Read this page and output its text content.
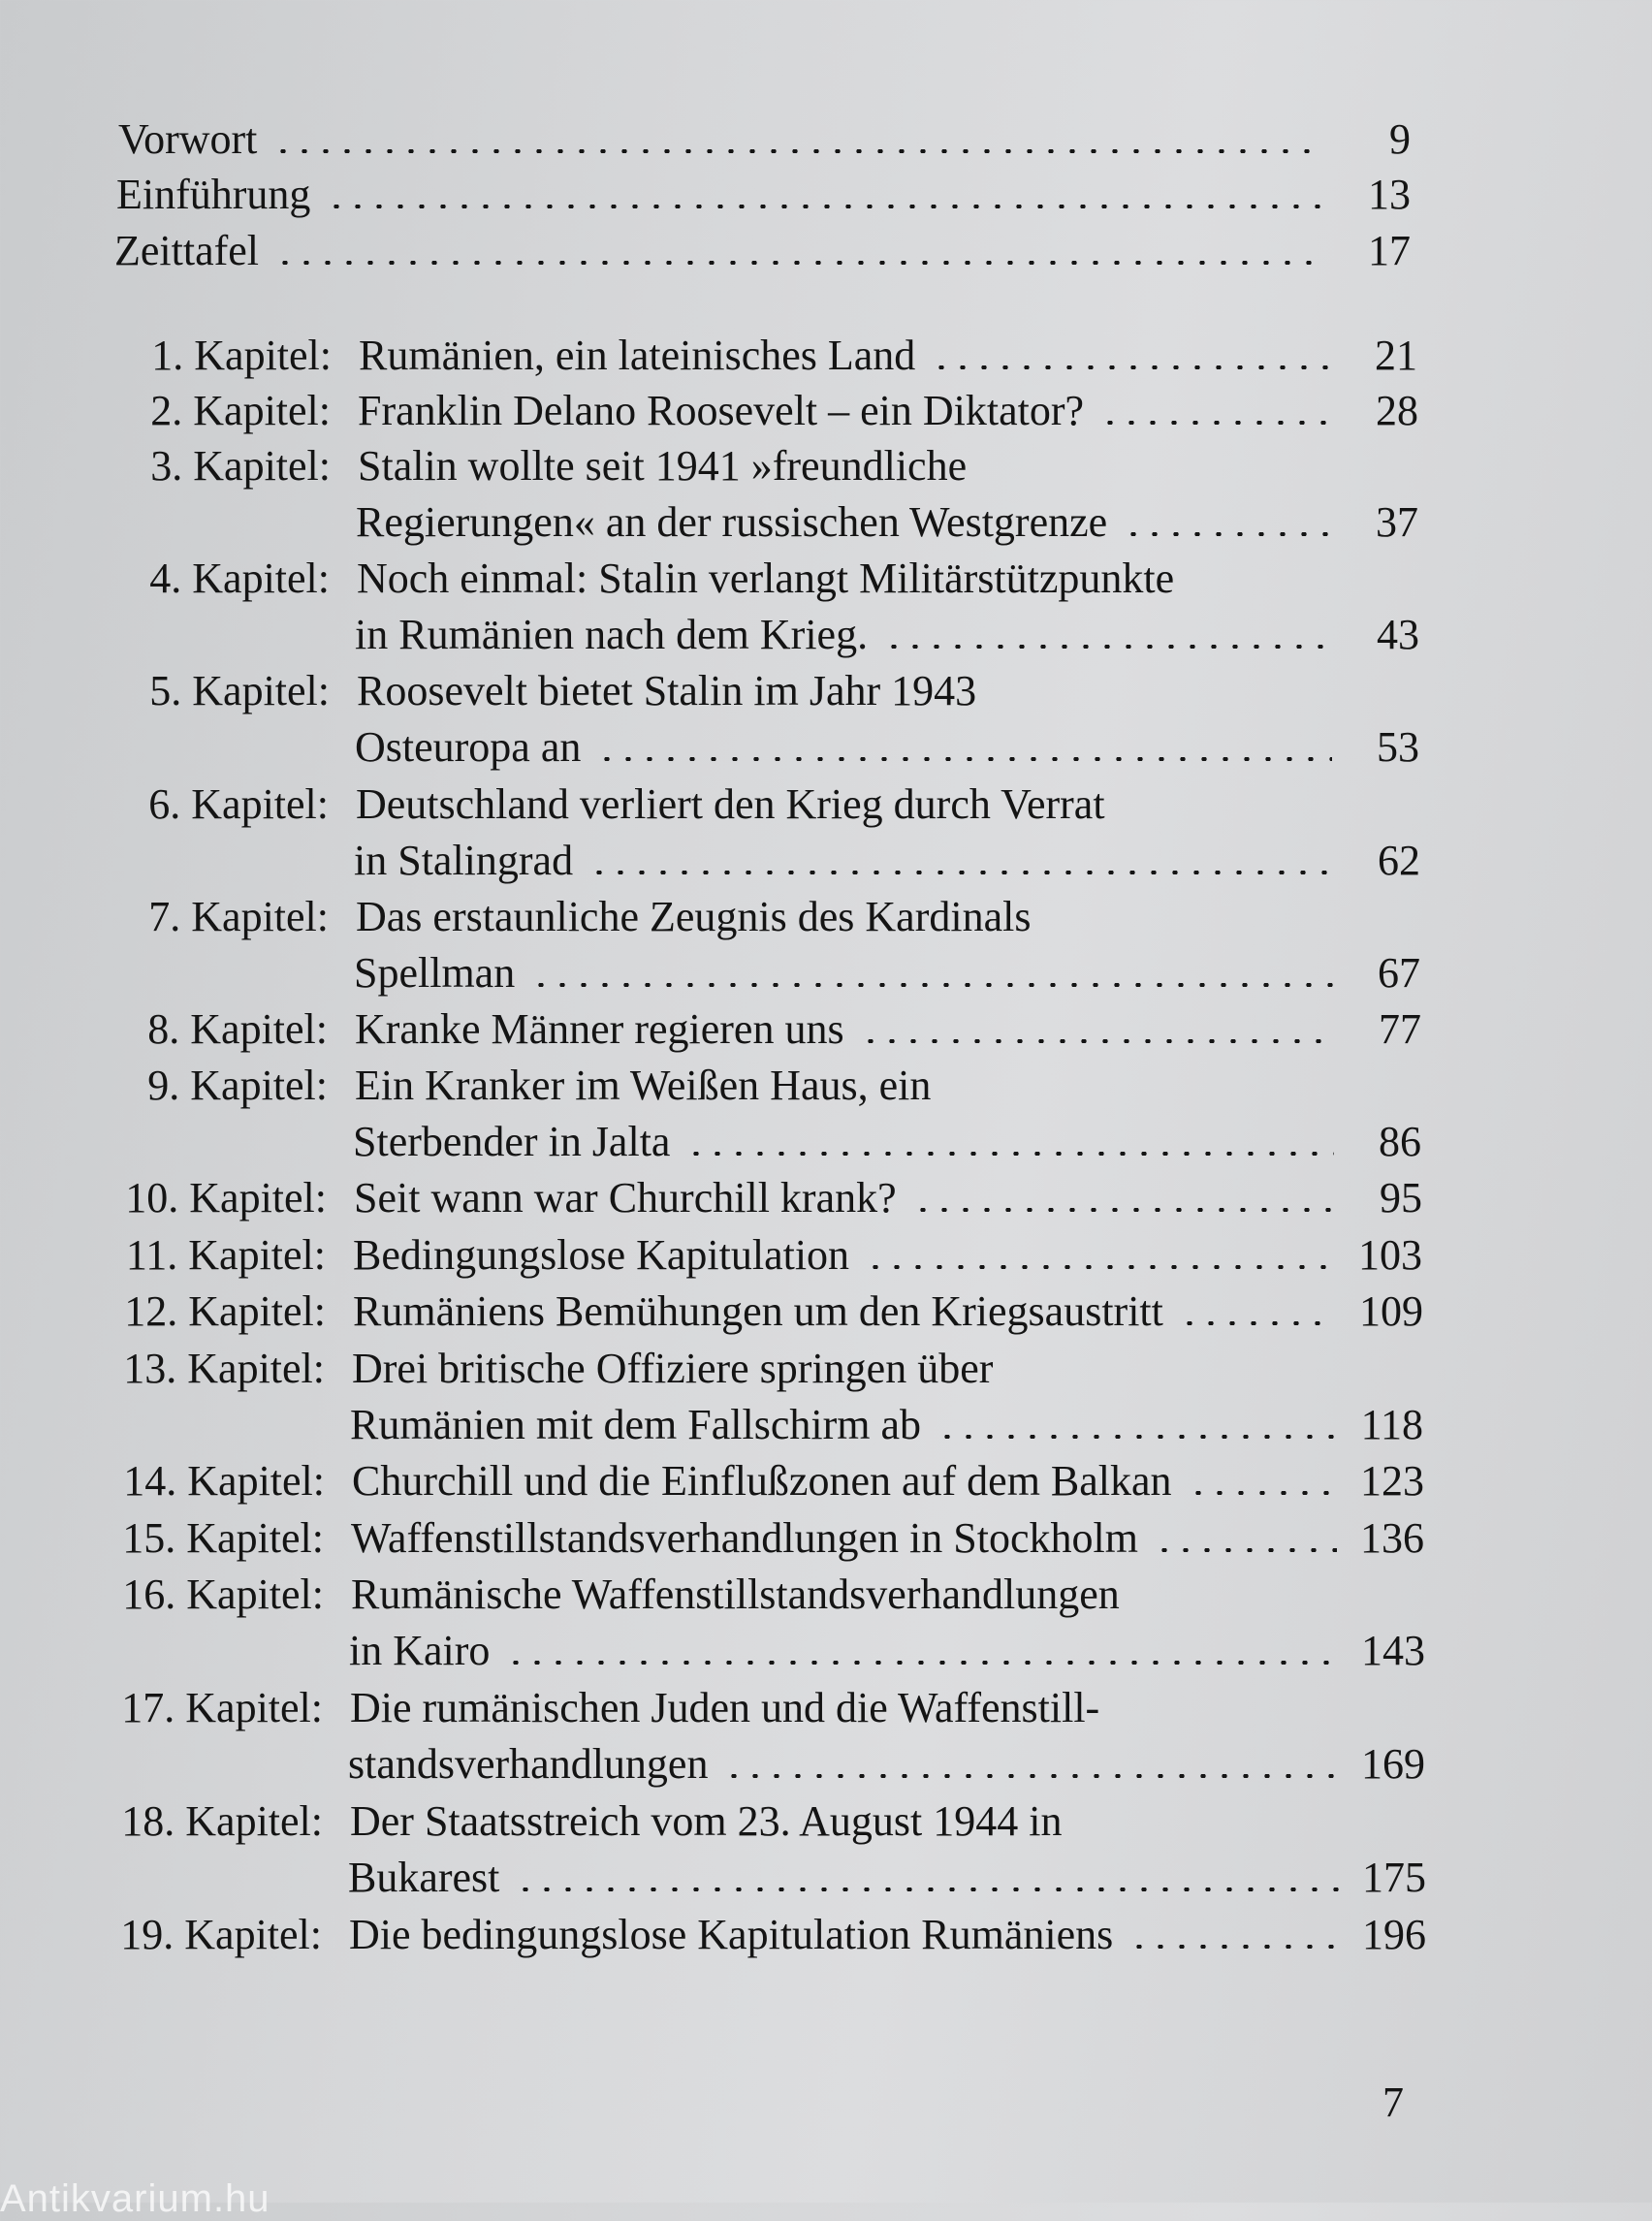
Vorwort	9
Einführung	13
Zeittafel	17
1. Kapitel: Rumänien, ein lateinisches Land	21
2. Kapitel: Franklin Delano Roosevelt – ein Diktator?	28
3. Kapitel: Stalin wollte seit 1941 »freundliche
Regierungen« an der russischen Westgrenze	37
4. Kapitel: Noch einmal: Stalin verlangt Militärstützpunkte
in Rumänien nach dem Krieg.	43
5. Kapitel: Roosevelt bietet Stalin im Jahr 1943
Osteuropa an	53
6. Kapitel: Deutschland verliert den Krieg durch Verrat
in Stalingrad	62
7. Kapitel: Das erstaunliche Zeugnis des Kardinals
Spellman	67
8. Kapitel: Kranke Männer regieren uns	77
9. Kapitel: Ein Kranker im Weißen Haus, ein
Sterbender in Jalta	86
10. Kapitel: Seit wann war Churchill krank?	95
11. Kapitel: Bedingungslose Kapitulation	103
12. Kapitel: Rumäniens Bemühungen um den Kriegsaustritt	109
13. Kapitel: Drei britische Offiziere springen über
Rumänien mit dem Fallschirm ab	118
14. Kapitel: Churchill und die Einflußzonen auf dem Balkan	123
15. Kapitel: Waffenstillstandsverhandlungen in Stockholm	136
16. Kapitel: Rumänische Waffenstillstandsverhandlungen
in Kairo	143
17. Kapitel: Die rumänischen Juden und die Waffenstill-
standsverhandlungen	169
18. Kapitel: Der Staatsstreich vom 23. August 1944 in
Bukarest	175
19. Kapitel: Die bedingungslose Kapitulation Rumäniens	196
7
Antikvarium.hu
